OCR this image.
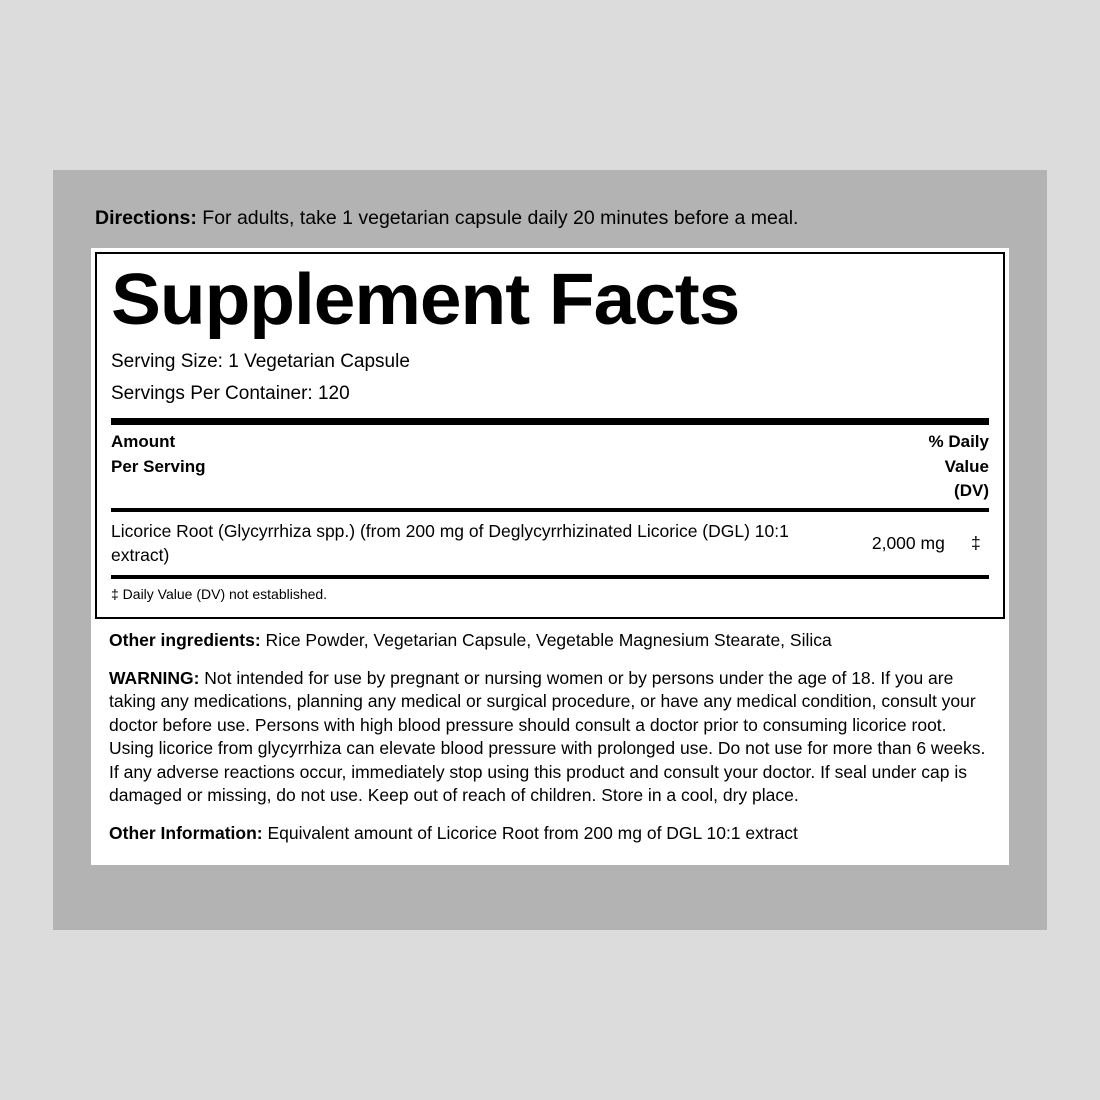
Directions: For adults, take 1 vegetarian capsule daily 20 minutes before a meal.
Supplement Facts
Serving Size: 1 Vegetarian Capsule
Servings Per Container: 120
Amount
Per Serving
% Daily
Value
(DV)
Licorice Root (Glycyrrhiza spp.) (from 200 mg of Deglycyrrhizinated Licorice (DGL) 10:1 extract)
2,000 mg	‡
‡ Daily Value (DV) not established.
Other ingredients: Rice Powder, Vegetarian Capsule, Vegetable Magnesium Stearate, Silica
WARNING: Not intended for use by pregnant or nursing women or by persons under the age of 18. If you are taking any medications, planning any medical or surgical procedure, or have any medical condition, consult your doctor before use. Persons with high blood pressure should consult a doctor prior to consuming licorice root. Using licorice from glycyrrhiza can elevate blood pressure with prolonged use. Do not use for more than 6 weeks. If any adverse reactions occur, immediately stop using this product and consult your doctor. If seal under cap is damaged or missing, do not use. Keep out of reach of children. Store in a cool, dry place.
Other Information: Equivalent amount of Licorice Root from 200 mg of DGL 10:1 extract
